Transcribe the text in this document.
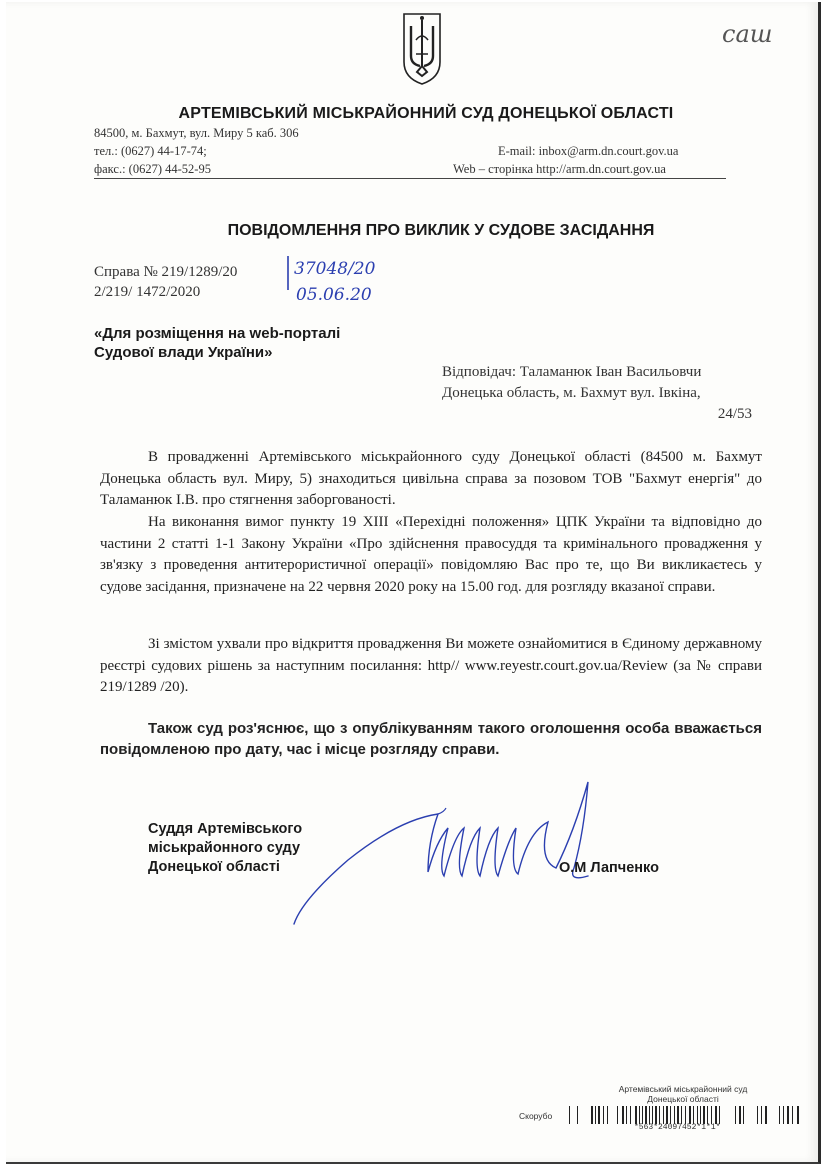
саш
АРТЕМІВСЬКИЙ МІСЬКРАЙОННИЙ СУД ДОНЕЦЬКОЇ ОБЛАСТІ
84500, м. Бахмут, вул. Миру 5 каб. 306
тел.: (0627) 44-17-74;
факс.: (0627) 44-52-95
E-mail: inbox@arm.dn.court.gov.ua
Web – сторінка http://arm.dn.court.gov.ua
ПОВІДОМЛЕННЯ ПРО ВИКЛИК У СУДОВЕ ЗАСІДАННЯ
Справа № 219/1289/20
2/219/ 1472/2020
37048/20
05.06.20
«Для розміщення на web-порталі
Судової влади України»
Відповідач: Таламанюк Іван Васильовчи
Донецька область, м. Бахмут вул. Івкіна,
24/53
В провадженні Артемівського міськрайонного суду Донецької області (84500 м. Бахмут Донецька область вул. Миру, 5) знаходиться цивільна справа за позовом ТОВ "Бахмут енергія" до Таламанюк І.В. про стягнення заборгованості.
На виконання вимог пункту 19 ХIII «Перехідні положення» ЦПК України та відповідно до частини 2 статті 1-1 Закону України «Про здійснення правосуддя та кримінального провадження у зв'язку з проведення антитерористичної операції» повідомляю Вас про те, що Ви викликаєтесь у судове засідання, призначене на 22 червня 2020 року на 15.00 год. для розгляду вказаної справи.
Зі змістом ухвали про відкриття провадження Ви можете ознайомитися в Єдиному державному реєстрі судових рішень за наступним посилання: http// www.reyestr.court.gov.ua/Review (за № справи 219/1289 /20).
Також суд роз'яснює, що з опублікуванням такого оголошення особа вважається повідомленою про дату, час і місце розгляду справи.
Суддя Артемівського
міськрайонного суду
Донецької області	О.М Лапченко
Артемівський міськрайонний суд
Донецької області
Скорубо
*563*24097452*1*1*
